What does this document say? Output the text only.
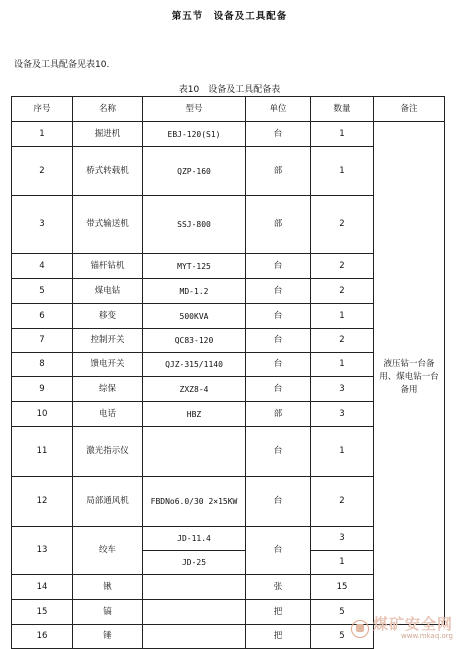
第五节　设备及工具配备
设备及工具配备见表10.
表10　设备及工具配备表
序号	名称	型号	单位	数量	备注
1	掘进机	EBJ-120(S1)	台	1	液压钻一台备用、煤电钻一台备用

2	桥式转载机	QZP-160	部	1	
3	带式输送机	SSJ-800	部	2	
4	锚杆钻机	MYT-125	台	2	
5	煤电钻	MD-1.2	台	2	
6	移变	500KVA	台	1	
7	控制开关	QC83-120	台	2	
8	馈电开关	QJZ-315/1140	台	1	
9	综保	ZXZ8-4	台	3	
10	电话	HBZ	部	3	
11	激光指示仪		台	1	
12	局部通风机	FBDNo6.0/30 2×15KW	台	2	
13	绞车	JD-11.4	台	3	
		JD-25		1	
14	锹		张	15	
15	镐		把	5	
16	锤		把	5	
煤矿安全网
www.mkaq.org
